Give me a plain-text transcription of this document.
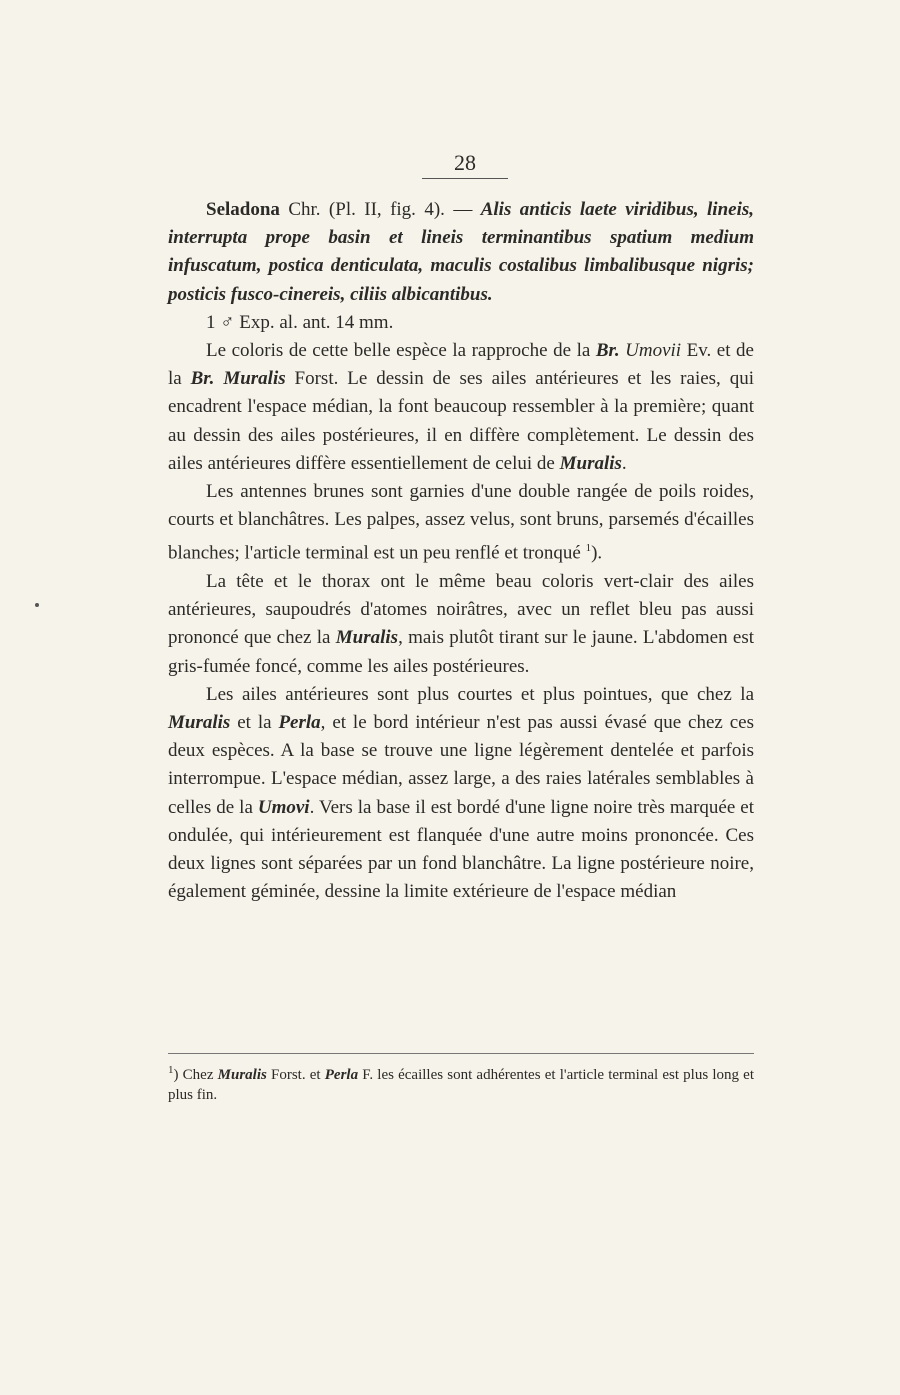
28

Seladona Chr. (Pl. II, fig. 4). — Alis anticis laete viridibus, lineis, interrupta prope basin et lineis terminantibus spatium medium infuscatum, postica denticulata, maculis costalibus limbalibusque nigris; posticis fusco-cinereis, ciliis albicantibus.

1 ♂ Exp. al. ant. 14 mm.

Le coloris de cette belle espèce la rapproche de la Br. Umovii Ev. et de la Br. Muralis Forst. Le dessin de ses ailes antérieures et les raies, qui encadrent l'espace médian, la font beaucoup ressembler à la première; quant au dessin des ailes postérieures, il en diffère complètement. Le dessin des ailes antérieures diffère essentiellement de celui de Muralis.

Les antennes brunes sont garnies d'une double rangée de poils roides, courts et blanchâtres. Les palpes, assez velus, sont bruns, parsemés d'écailles blanches; l'article terminal est un peu renflé et tronqué $^1$).

La tête et le thorax ont le même beau coloris vert-clair des ailes antérieures, saupoudrés d'atomes noirâtres, avec un reflet bleu pas aussi prononcé que chez la Muralis, mais plutôt tirant sur le jaune. L'abdomen est gris-fumée foncé, comme les ailes postérieures.

Les ailes antérieures sont plus courtes et plus pointues, que chez la Muralis et la Perla, et le bord intérieur n'est pas aussi évasé que chez ces deux espèces. A la base se trouve une ligne légèrement dentelée et parfois interrompue. L'espace médian, assez large, a des raies latérales semblables à celles de la Umovi. Vers la base il est bordé d'une ligne noire très marquée et ondulée, qui intérieurement est flanquée d'une autre moins prononcée. Ces deux lignes sont séparées par un fond blanchâtre. La ligne postérieure noire, également géminée, dessine la limite extérieure de l'espace médian

$^1$) Chez Muralis Forst. et Perla F. les écailles sont adhérentes et l'article terminal est plus long et plus fin.
